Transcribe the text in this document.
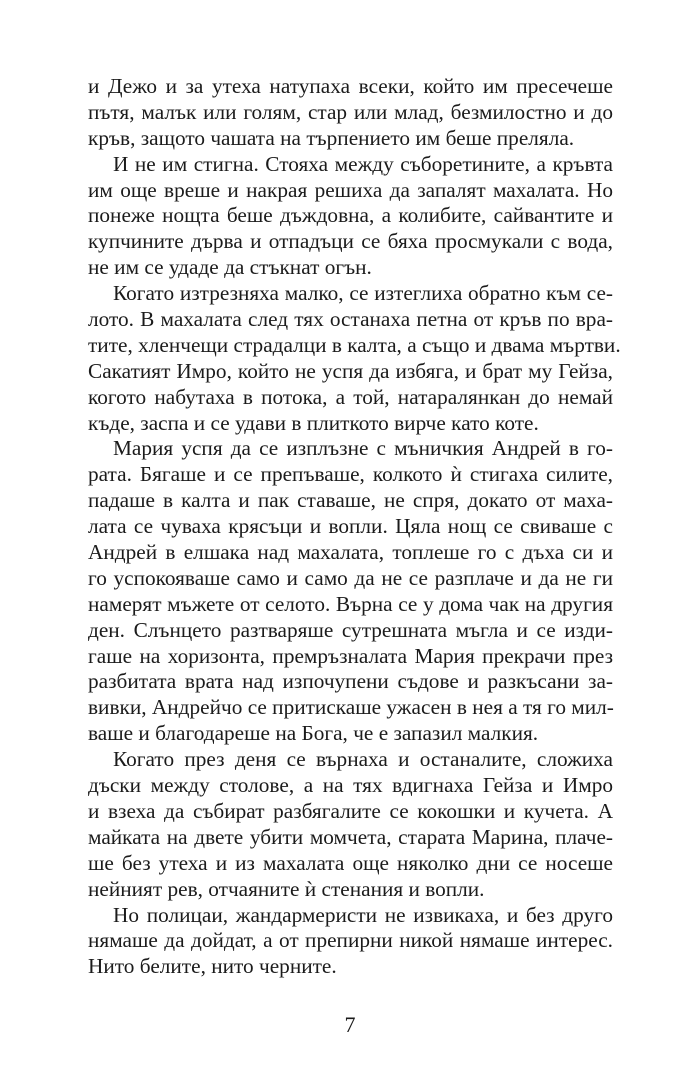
и Дежо и за утеха натупаха всеки, който им пресечеше
пътя, малък или голям, стар или млад, безмилостно и до
кръв, защото чашата на търпението им беше преляла.
И не им стигна. Стояха между съборетините, а кръвта
им още вреше и накрая решиха да запалят махалата. Но
понеже нощта беше дъждовна, а колибите, сайвантите и
купчините дърва и отпадъци се бяха просмукали с вода,
не им се удаде да стъкнат огън.
Когато изтрезняха малко, се изтеглиха обратно към се-
лото. В махалата след тях останаха петна от кръв по вра-
тите, хленчещи страдалци в калта, а също и двама мъртви.
Сакатият Имро, който не успя да избяга, и брат му Гейза,
когото набутаха в потока, а той, натаралянкан до немай
къде, заспа и се удави в плиткото вирче като коте.
Мария успя да се изплъзне с мъничкия Андрей в го-
рата. Бягаше и се препъваше, колкото ѝ стигаха силите,
падаше в калта и пак ставаше, не спря, докато от маха-
лата се чуваха крясъци и вопли. Цяла нощ се свиваше с
Андрей в елшака над махалата, топлеше го с дъха си и
го успокояваше само и само да не се разплаче и да не ги
намерят мъжете от селото. Върна се у дома чак на другия
ден. Слънцето разтваряше сутрешната мъгла и се изди-
гаше на хоризонта, премръзналата Мария прекрачи през
разбитата врата над изпочупени съдове и разкъсани за-
вивки, Андрейчо се притискаше ужасен в нея а тя го мил-
ваше и благодареше на Бога, че е запазил малкия.
Когато през деня се върнаха и останалите, сложиха
дъски между столове, а на тях вдигнаха Гейза и Имро
и взеха да събират разбягалите се кокошки и кучета. А
майката на двете убити момчета, старата Марина, плаче-
ше без утеха и из махалата още няколко дни се носеше
нейният рев, отчаяните ѝ стенания и вопли.
Но полицаи, жандармеристи не извикаха, и без друго
нямаше да дойдат, а от препирни никой нямаше интерес.
Нито белите, нито черните.
7
